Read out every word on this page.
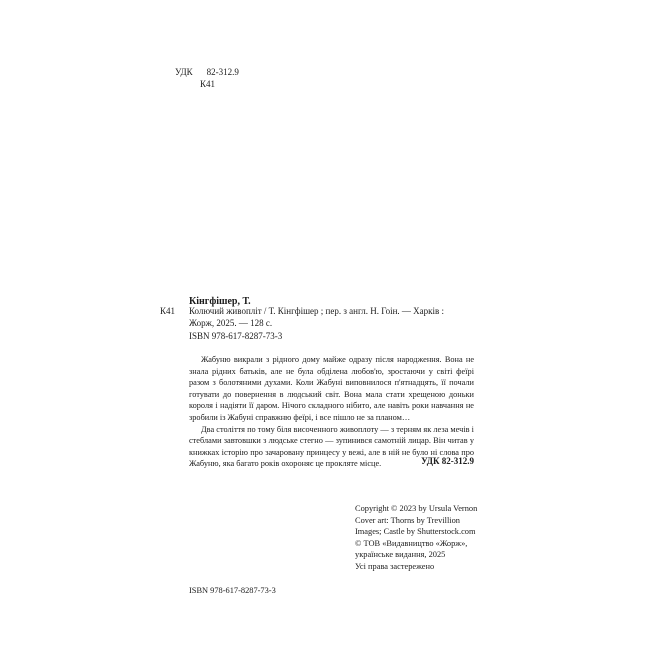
УДК 82-312.9
К41
Кінгфішер, Т.
К41 Колючий живопліт / Т. Кінгфішер ; пер. з англ. Н. Гоін. — Харків :
Жорж, 2025. — 128 с.
ISBN 978-617-8287-73-3

Жабуню викрали з рідного дому майже одразу після народження. Вона не знала рідних батьків, але не була обділена любов'ю, зростаючи у світі феїрі разом з болотяними духами. Коли Жабуні виповнилося п'ятнадцять, її почали готувати до повернення в людський світ. Вона мала стати хрещеною доньки короля і надіяти її даром. Нічого складного нібито, але навіть роки навчання не зробили із Жабуні справжню феїрі, і все пішло не за планом…

Два століття по тому біля височенного живоплоту — з терням як леза мечів і стеблами завтовшки з людське стегно — зупинився самотній лицар. Він читав у книжках історію про зачаровану принцесу у вежі, але в ній не було ні слова про Жабуню, яка багато років охороняє це прокляте місце.	УДК 82-312.9
Copyright © 2023 by Ursula Vernon
Cover art: Thorns by Trevillion
Images; Castle by Shutterstock.com
© ТОВ «Видавництво «Жорж»,
українське видання, 2025
Усі права застережено
ISBN 978-617-8287-73-3
